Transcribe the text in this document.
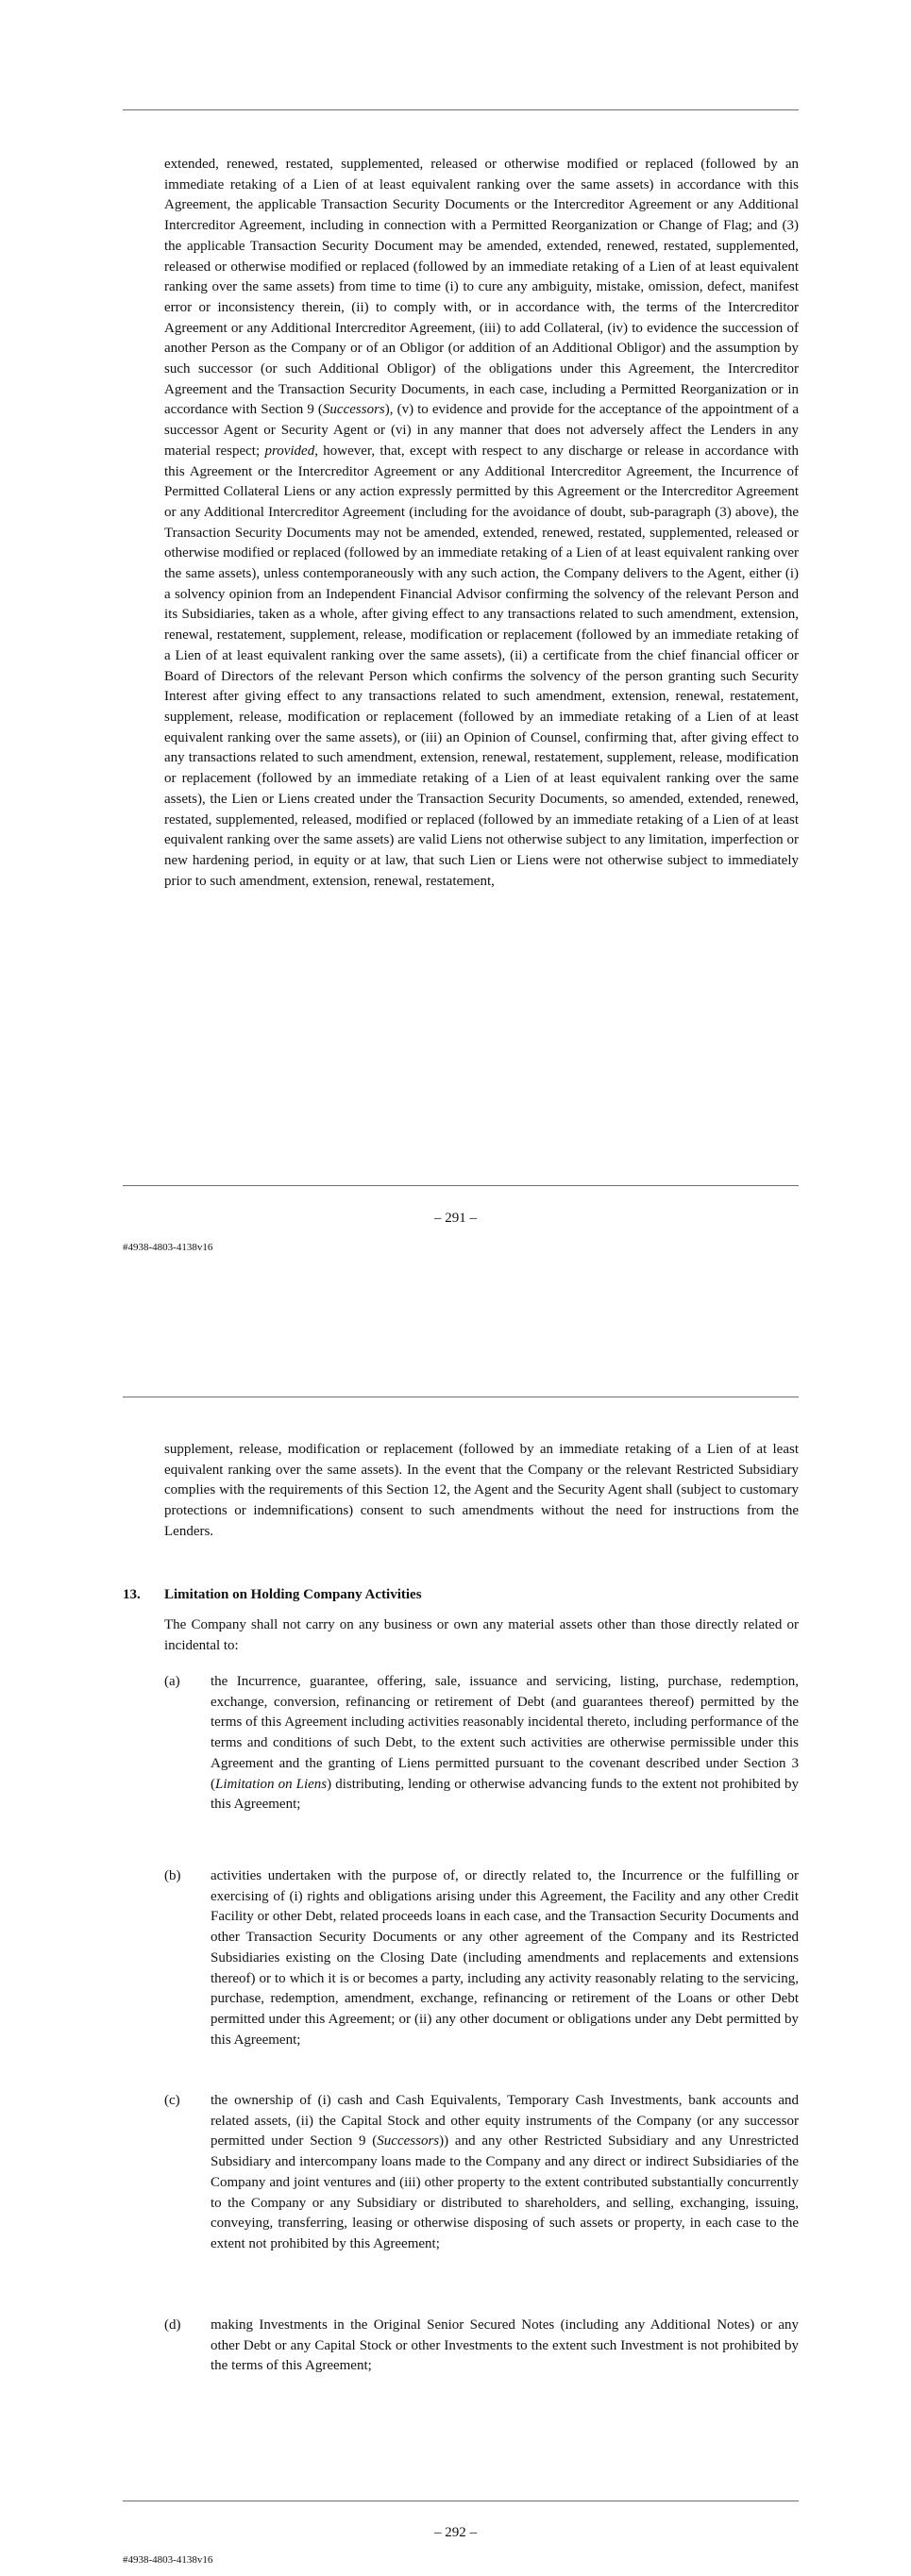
extended, renewed, restated, supplemented, released or otherwise modified or replaced (followed by an immediate retaking of a Lien of at least equivalent ranking over the same assets) in accordance with this Agreement, the applicable Transaction Security Documents or the Intercreditor Agreement or any Additional Intercreditor Agreement, including in connection with a Permitted Reorganization or Change of Flag; and (3) the applicable Transaction Security Document may be amended, extended, renewed, restated, supplemented, released or otherwise modified or replaced (followed by an immediate retaking of a Lien of at least equivalent ranking over the same assets) from time to time (i) to cure any ambiguity, mistake, omission, defect, manifest error or inconsistency therein, (ii) to comply with, or in accordance with, the terms of the Intercreditor Agreement or any Additional Intercreditor Agreement, (iii) to add Collateral, (iv) to evidence the succession of another Person as the Company or of an Obligor (or addition of an Additional Obligor) and the assumption by such successor (or such Additional Obligor) of the obligations under this Agreement, the Intercreditor Agreement and the Transaction Security Documents, in each case, including a Permitted Reorganization or in accordance with Section 9 (Successors), (v) to evidence and provide for the acceptance of the appointment of a successor Agent or Security Agent or (vi) in any manner that does not adversely affect the Lenders in any material respect; provided, however, that, except with respect to any discharge or release in accordance with this Agreement or the Intercreditor Agreement or any Additional Intercreditor Agreement, the Incurrence of Permitted Collateral Liens or any action expressly permitted by this Agreement or the Intercreditor Agreement or any Additional Intercreditor Agreement (including for the avoidance of doubt, sub-paragraph (3) above), the Transaction Security Documents may not be amended, extended, renewed, restated, supplemented, released or otherwise modified or replaced (followed by an immediate retaking of a Lien of at least equivalent ranking over the same assets), unless contemporaneously with any such action, the Company delivers to the Agent, either (i) a solvency opinion from an Independent Financial Advisor confirming the solvency of the relevant Person and its Subsidiaries, taken as a whole, after giving effect to any transactions related to such amendment, extension, renewal, restatement, supplement, release, modification or replacement (followed by an immediate retaking of a Lien of at least equivalent ranking over the same assets), (ii) a certificate from the chief financial officer or Board of Directors of the relevant Person which confirms the solvency of the person granting such Security Interest after giving effect to any transactions related to such amendment, extension, renewal, restatement, supplement, release, modification or replacement (followed by an immediate retaking of a Lien of at least equivalent ranking over the same assets), or (iii) an Opinion of Counsel, confirming that, after giving effect to any transactions related to such amendment, extension, renewal, restatement, supplement, release, modification or replacement (followed by an immediate retaking of a Lien of at least equivalent ranking over the same assets), the Lien or Liens created under the Transaction Security Documents, so amended, extended, renewed, restated, supplemented, released, modified or replaced (followed by an immediate retaking of a Lien of at least equivalent ranking over the same assets) are valid Liens not otherwise subject to any limitation, imperfection or new hardening period, in equity or at law, that such Lien or Liens were not otherwise subject to immediately prior to such amendment, extension, renewal, restatement,
– 291 –
#4938-4803-4138v16
supplement, release, modification or replacement (followed by an immediate retaking of a Lien of at least equivalent ranking over the same assets). In the event that the Company or the relevant Restricted Subsidiary complies with the requirements of this Section 12, the Agent and the Security Agent shall (subject to customary protections or indemnifications) consent to such amendments without the need for instructions from the Lenders.
13. Limitation on Holding Company Activities
The Company shall not carry on any business or own any material assets other than those directly related or incidental to:
(a) the Incurrence, guarantee, offering, sale, issuance and servicing, listing, purchase, redemption, exchange, conversion, refinancing or retirement of Debt (and guarantees thereof) permitted by the terms of this Agreement including activities reasonably incidental thereto, including performance of the terms and conditions of such Debt, to the extent such activities are otherwise permissible under this Agreement and the granting of Liens permitted pursuant to the covenant described under Section 3 (Limitation on Liens) distributing, lending or otherwise advancing funds to the extent not prohibited by this Agreement;
(b) activities undertaken with the purpose of, or directly related to, the Incurrence or the fulfilling or exercising of (i) rights and obligations arising under this Agreement, the Facility and any other Credit Facility or other Debt, related proceeds loans in each case, and the Transaction Security Documents and other Transaction Security Documents or any other agreement of the Company and its Restricted Subsidiaries existing on the Closing Date (including amendments and replacements and extensions thereof) or to which it is or becomes a party, including any activity reasonably relating to the servicing, purchase, redemption, amendment, exchange, refinancing or retirement of the Loans or other Debt permitted under this Agreement; or (ii) any other document or obligations under any Debt permitted by this Agreement;
(c) the ownership of (i) cash and Cash Equivalents, Temporary Cash Investments, bank accounts and related assets, (ii) the Capital Stock and other equity instruments of the Company (or any successor permitted under Section 9 (Successors)) and any other Restricted Subsidiary and any Unrestricted Subsidiary and intercompany loans made to the Company and any direct or indirect Subsidiaries of the Company and joint ventures and (iii) other property to the extent contributed substantially concurrently to the Company or any Subsidiary or distributed to shareholders, and selling, exchanging, issuing, conveying, transferring, leasing or otherwise disposing of such assets or property, in each case to the extent not prohibited by this Agreement;
(d) making Investments in the Original Senior Secured Notes (including any Additional Notes) or any other Debt or any Capital Stock or other Investments to the extent such Investment is not prohibited by the terms of this Agreement;
– 292 –
#4938-4803-4138v16
